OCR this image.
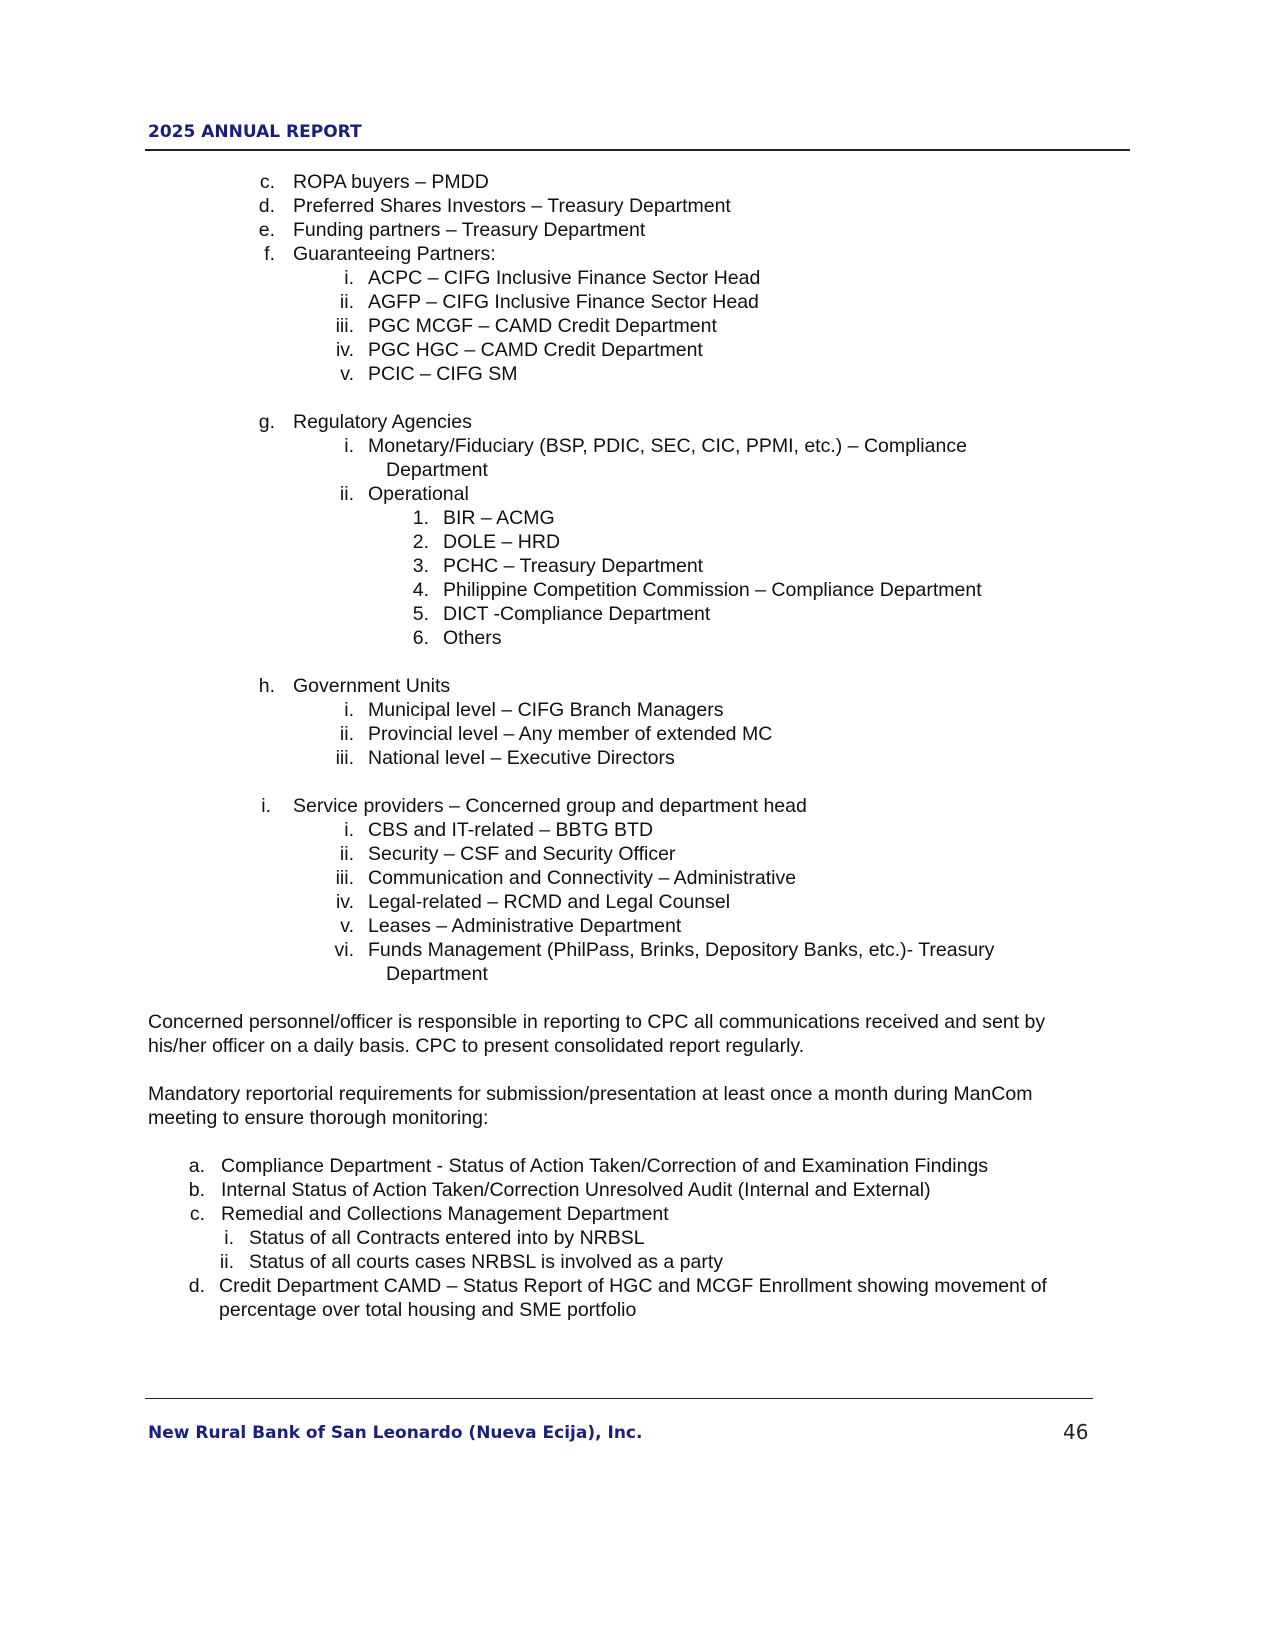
2025 ANNUAL REPORT
c. ROPA buyers – PMDD
d. Preferred Shares Investors – Treasury Department
e. Funding partners – Treasury Department
f. Guaranteeing Partners:
i. ACPC – CIFG Inclusive Finance Sector Head
ii. AGFP – CIFG Inclusive Finance Sector Head
iii. PGC MCGF – CAMD Credit Department
iv. PGC HGC – CAMD Credit Department
v. PCIC – CIFG SM
g. Regulatory Agencies
i. Monetary/Fiduciary (BSP, PDIC, SEC, CIC, PPMI, etc.) – Compliance
Department
ii. Operational
1. BIR – ACMG
2. DOLE – HRD
3. PCHC – Treasury Department
4. Philippine Competition Commission – Compliance Department
5. DICT -Compliance Department
6. Others
h. Government Units
i. Municipal level – CIFG Branch Managers
ii. Provincial level – Any member of extended MC
iii. National level – Executive Directors
i. Service providers – Concerned group and department head
i. CBS and IT-related – BBTG BTD
ii. Security – CSF and Security Officer
iii. Communication and Connectivity – Administrative
iv. Legal-related – RCMD and Legal Counsel
v. Leases – Administrative Department
vi. Funds Management (PhilPass, Brinks, Depository Banks, etc.)- Treasury
Department
Concerned personnel/officer is responsible in reporting to CPC all communications received and sent by
his/her officer on a daily basis. CPC to present consolidated report regularly.
Mandatory reportorial requirements for submission/presentation at least once a month during ManCom
meeting to ensure thorough monitoring:
a. Compliance Department - Status of Action Taken/Correction of and Examination Findings
b. Internal Status of Action Taken/Correction Unresolved Audit (Internal and External)
c. Remedial and Collections Management Department
i. Status of all Contracts entered into by NRBSL
ii. Status of all courts cases NRBSL is involved as a party
d. Credit Department CAMD – Status Report of HGC and MCGF Enrollment showing movement of
percentage over total housing and SME portfolio
New Rural Bank of San Leonardo (Nueva Ecija), Inc.	46
